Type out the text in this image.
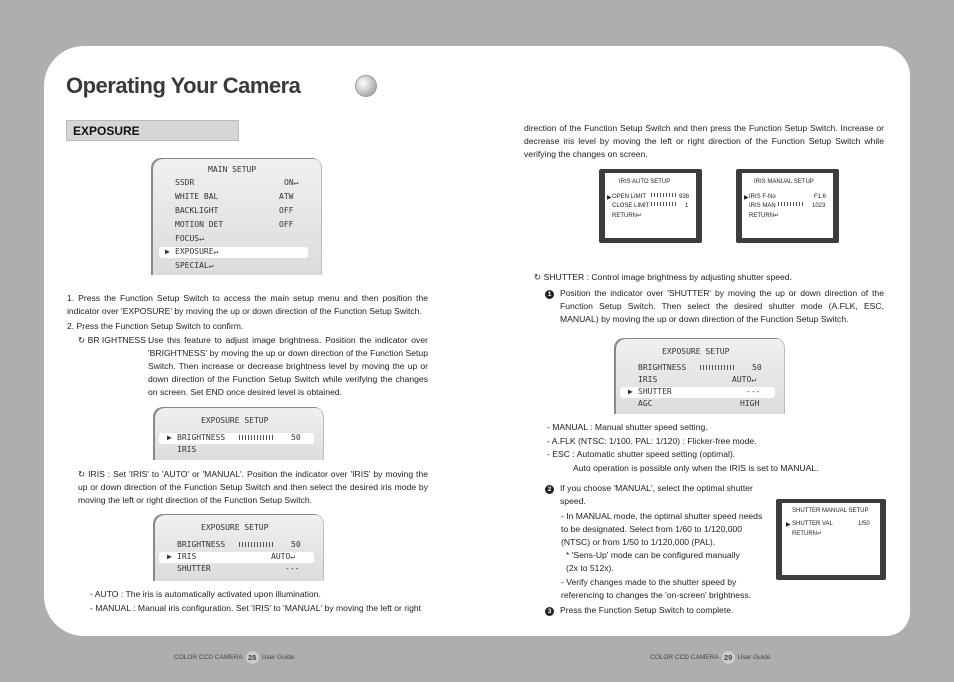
Operating Your Camera
EXPOSURE
MAIN SETUP
SSDR	ON↵
WHITE BAL	ATW
BACKLIGHT	OFF
MOTION DET	OFF
FOCUS↵
▶ EXPOSURE↵
SPECIAL↵
1. Press the Function Setup Switch to access the main setup menu and then position the indicator over 'EXPOSURE' by moving the up or down direction of the Function Setup Switch.
2. Press the Function Setup Switch to confirm.
↻ BR IGHTNESS :
Use this feature to adjust image brightness. Position the indicator over 'BRIGHTNESS' by moving the up or down direction of the Function Setup Switch. Then increase or decrease brightness level by moving the up or down direction of the Function Setup Switch while verifying the changes on screen. Set END once desired level is obtained.
EXPOSURE SETUP
▶ BRIGHTNESS	50
IRIS
↻ IRIS : Set 'IRIS' to 'AUTO' or 'MANUAL'. Position the indicator over 'IRIS' by moving the up or down direction of the Function Setup Switch and then select the desired iris mode by moving the left or right direction of the Function Setup Switch.
EXPOSURE SETUP
BRIGHTNESS	50
▶ IRIS	AUTO↵
SHUTTER	---
- AUTO : The iris is automatically activated upon illumination.
- MANUAL : Manual iris configuration. Set 'IRIS' to 'MANUAL' by moving the left or right
COLOR CCD CAMERA 28 User Guide
direction of the Function Setup Switch and then press the Function Setup Switch. Increase or decrease iris level by moving the left or right direction of the Function Setup Switch while verifying the changes on screen.
IRIS AUTO SETUP
▶ OPEN LIMIT	938
CLOSE LIMIT	1
RETURN↵
IRIS MANUAL SETUP
▶ IRIS F-No	F1.6
IRIS MAN	1023
RETURN↵
↻ SHUTTER : Control image brightness by adjusting shutter speed.
1	Position the indicator over 'SHUTTER' by moving the up or down direction of the Function Setup Switch. Then select the desired shutter mode (A.FLK, ESC, MANUAL) by moving the up or down direction of the Function Setup Switch.
EXPOSURE SETUP
BRIGHTNESS	50
IRIS	AUTO↵
▶ SHUTTER	---
AGC	HIGH
- MANUAL : Manual shutter speed setting.
- A.FLK (NTSC: 1/100, PAL: 1/120) : Flicker-free mode.
- ESC : Automatic shutter speed setting (optimal).
Auto operation is possible only when the IRIS is set to MANUAL.
2	If you choose 'MANUAL', select the optimal shutter speed.
- In MANUAL mode, the optimal shutter speed needs to be designated. Select from 1/60 to 1/120,000 (NTSC) or from 1/50 to 1/120,000 (PAL).
* 'Sens-Up' mode can be configured manually (2x to 512x).
- Verify changes made to the shutter speed by referencing to changes the 'on-screen' brightness.
3	Press the Function Setup Switch to complete.
SHUTTER MANUAL SETUP
▶ SHUTTER VAL	1/50
RETURN↵
COLOR CCD CAMERA 29 User Guide
